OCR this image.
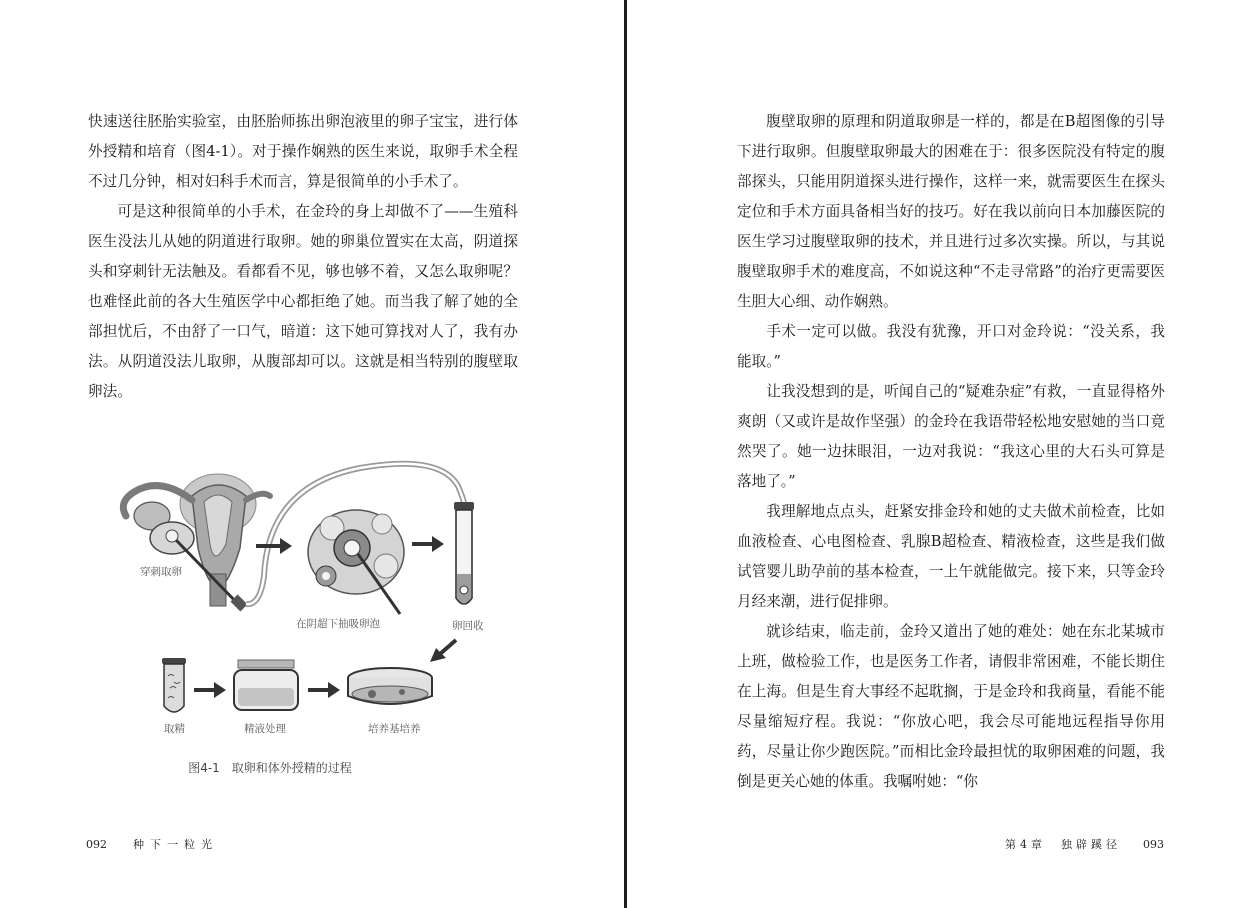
快速送往胚胎实验室，由胚胎师拣出卵泡液里的卵子宝宝，进行体外授精和培育（图4-1）。对于操作娴熟的医生来说，取卵手术全程不过几分钟，相对妇科手术而言，算是很简单的小手术了。

可是这种很简单的小手术，在金玲的身上却做不了——生殖科医生没法儿从她的阴道进行取卵。她的卵巢位置实在太高，阴道探头和穿刺针无法触及。看都看不见，够也够不着，又怎么取卵呢？也难怪此前的各大生殖医学中心都拒绝了她。而当我了解了她的全部担忧后，不由舒了一口气，暗道：这下她可算找对人了，我有办法。从阴道没法儿取卵，从腹部却可以。这就是相当特别的腹壁取卵法。

穿刺取卵
在阴超下抽吸卵泡	卵回收
取精	精液处理	培养基培养
图4-1　取卵和体外授精的过程
092 种下一粒光

腹壁取卵的原理和阴道取卵是一样的，都是在B超图像的引导下进行取卵。但腹壁取卵最大的困难在于：很多医院没有特定的腹部探头，只能用阴道探头进行操作，这样一来，就需要医生在探头定位和手术方面具备相当好的技巧。好在我以前向日本加藤医院的医生学习过腹壁取卵的技术，并且进行过多次实操。所以，与其说腹壁取卵手术的难度高，不如说这种“不走寻常路”的治疗更需要医生胆大心细、动作娴熟。

手术一定可以做。我没有犹豫，开口对金玲说：“没关系，我能取。”

让我没想到的是，听闻自己的“疑难杂症”有救，一直显得格外爽朗（又或许是故作坚强）的金玲在我语带轻松地安慰她的当口竟然哭了。她一边抹眼泪，一边对我说：“我这心里的大石头可算是落地了。”

我理解地点点头，赶紧安排金玲和她的丈夫做术前检查，比如血液检查、心电图检查、乳腺B超检查、精液检查，这些是我们做试管婴儿助孕前的基本检查，一上午就能做完。接下来，只等金玲月经来潮，进行促排卵。

就诊结束，临走前，金玲又道出了她的难处：她在东北某城市上班，做检验工作，也是医务工作者，请假非常困难，不能长期住在上海。但是生育大事经不起耽搁，于是金玲和我商量，看能不能尽量缩短疗程。我说：“你放心吧，我会尽可能地远程指导你用药，尽量让你少跑医院。”而相比金玲最担忧的取卵困难的问题，我倒是更关心她的体重。我嘱咐她：“你

第4章　 独辟蹊径 093
